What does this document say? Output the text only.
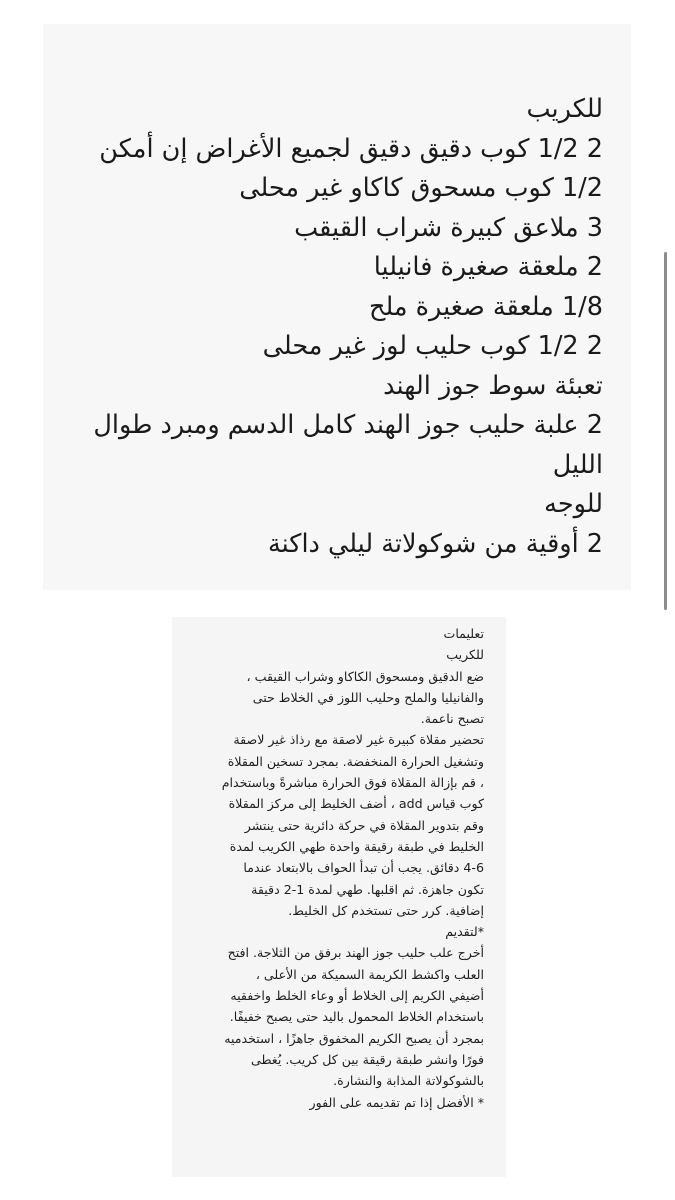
للكريب
2 1/2 كوب دقيق دقيق لجميع الأغراض إن أمكن
1/2 كوب مسحوق كاكاو غير محلى
3 ملاعق كبيرة شراب القيقب
2 ملعقة صغيرة فانيليا
1/8 ملعقة صغيرة ملح
2 1/2 كوب حليب لوز غير محلى
تعبئة سوط جوز الهند
2 علبة حليب جوز الهند كامل الدسم ومبرد طوال
الليل
للوجه
2 أوقية من شوكولاتة ليلي داكنة
تعليمات
للكريب
ضع الدقيق ومسحوق الكاكاو وشراب القيقب ،
والفانيليا والملح وحليب اللوز في الخلاط حتى
تصبح ناعمة.
تحضير مقلاة كبيرة غير لاصقة مع رذاذ غير لاصقة
وتشغيل الحرارة المنخفضة. بمجرد تسخين المقلاة
، قم بإزالة المقلاة فوق الحرارة مباشرةً وباستخدام
كوب قياس add ، أضف الخليط إلى مركز المقلاة
وقم بتدوير المقلاة في حركة دائرية حتى ينتشر
الخليط في طبقة رقيقة واحدة طهي الكريب لمدة
4-6 دقائق. يجب أن تبدأ الحواف بالابتعاد عندما
تكون جاهزة. ثم اقلبها. طهي لمدة 1-2 دقيقة
إضافية. كرر حتى تستخدم كل الخليط.
*لتقديم
أخرج علب حليب جوز الهند برفق من الثلاجة. افتح
العلب واكشط الكريمة السميكة من الأعلى ،
أضيفي الكريم إلى الخلاط أو وعاء الخلط واخفقيه
باستخدام الخلاط المحمول باليد حتى يصبح خفيفًا.
بمجرد أن يصبح الكريم المخفوق جاهزًا ، استخدميه
فورًا وانشر طبقة رقيقة بين كل كريب. يُغطى
بالشوكولاتة المذابة والنشارة.
* الأفضل إذا تم تقديمه على الفور
